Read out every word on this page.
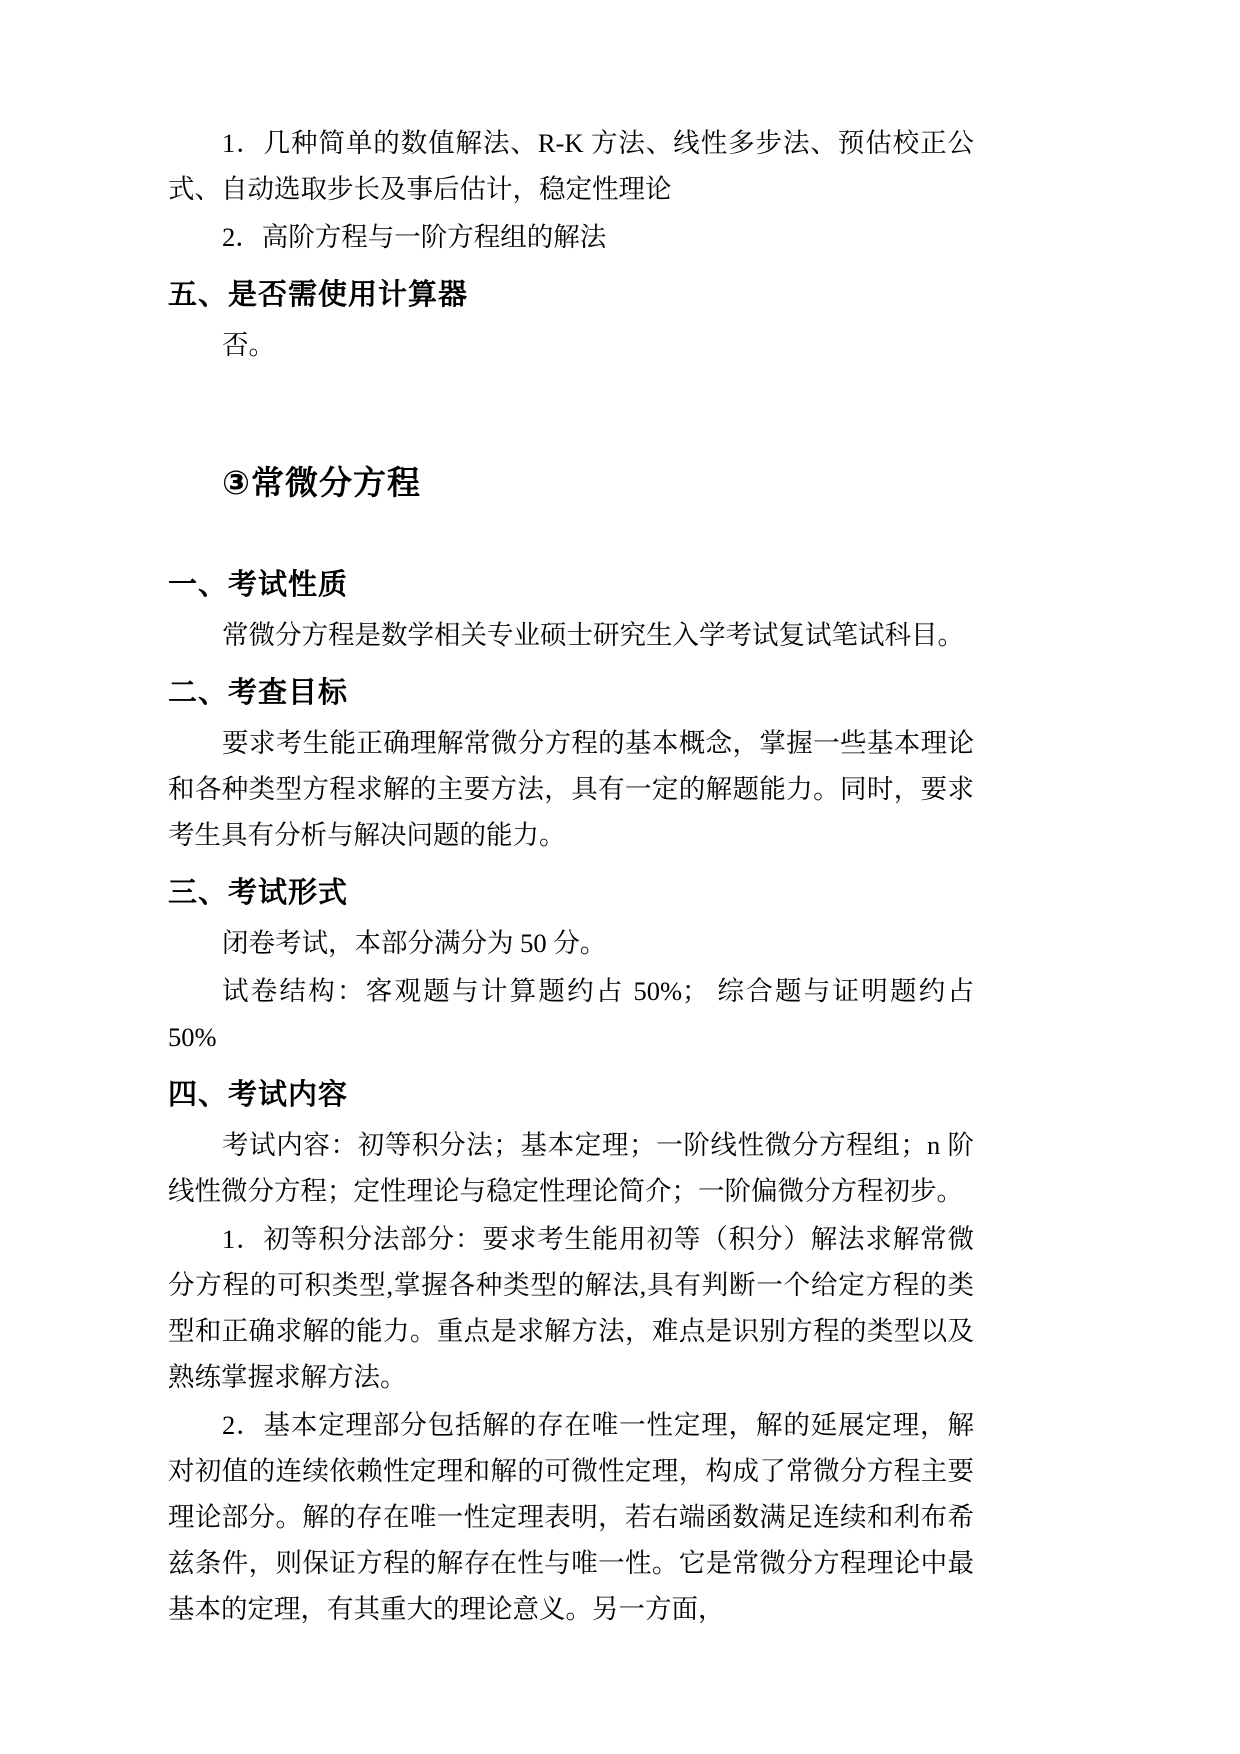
1．几种简单的数值解法、R-K 方法、线性多步法、预估校正公式、自动选取步长及事后估计，稳定性理论

2．高阶方程与一阶方程组的解法

五、是否需使用计算器

否。

③常微分方程
一、考试性质

常微分方程是数学相关专业硕士研究生入学考试复试笔试科目。

二、考查目标

要求考生能正确理解常微分方程的基本概念，掌握一些基本理论和各种类型方程求解的主要方法，具有一定的解题能力。同时，要求考生具有分析与解决问题的能力。

三、考试形式

闭卷考试，本部分满分为 50 分。

试卷结构：客观题与计算题约占 50%； 综合题与证明题约占 50%

四、考试内容

考试内容：初等积分法；基本定理；一阶线性微分方程组；n 阶线性微分方程；定性理论与稳定性理论简介；一阶偏微分方程初步。

1．初等积分法部分：要求考生能用初等（积分）解法求解常微分方程的可积类型,掌握各种类型的解法,具有判断一个给定方程的类型和正确求解的能力。重点是求解方法，难点是识别方程的类型以及熟练掌握求解方法。

2．基本定理部分包括解的存在唯一性定理，解的延展定理，解对初值的连续依赖性定理和解的可微性定理，构成了常微分方程主要理论部分。解的存在唯一性定理表明，若右端函数满足连续和利布希兹条件，则保证方程的解存在性与唯一性。它是常微分方程理论中最基本的定理，有其重大的理论意义。另一方面，
